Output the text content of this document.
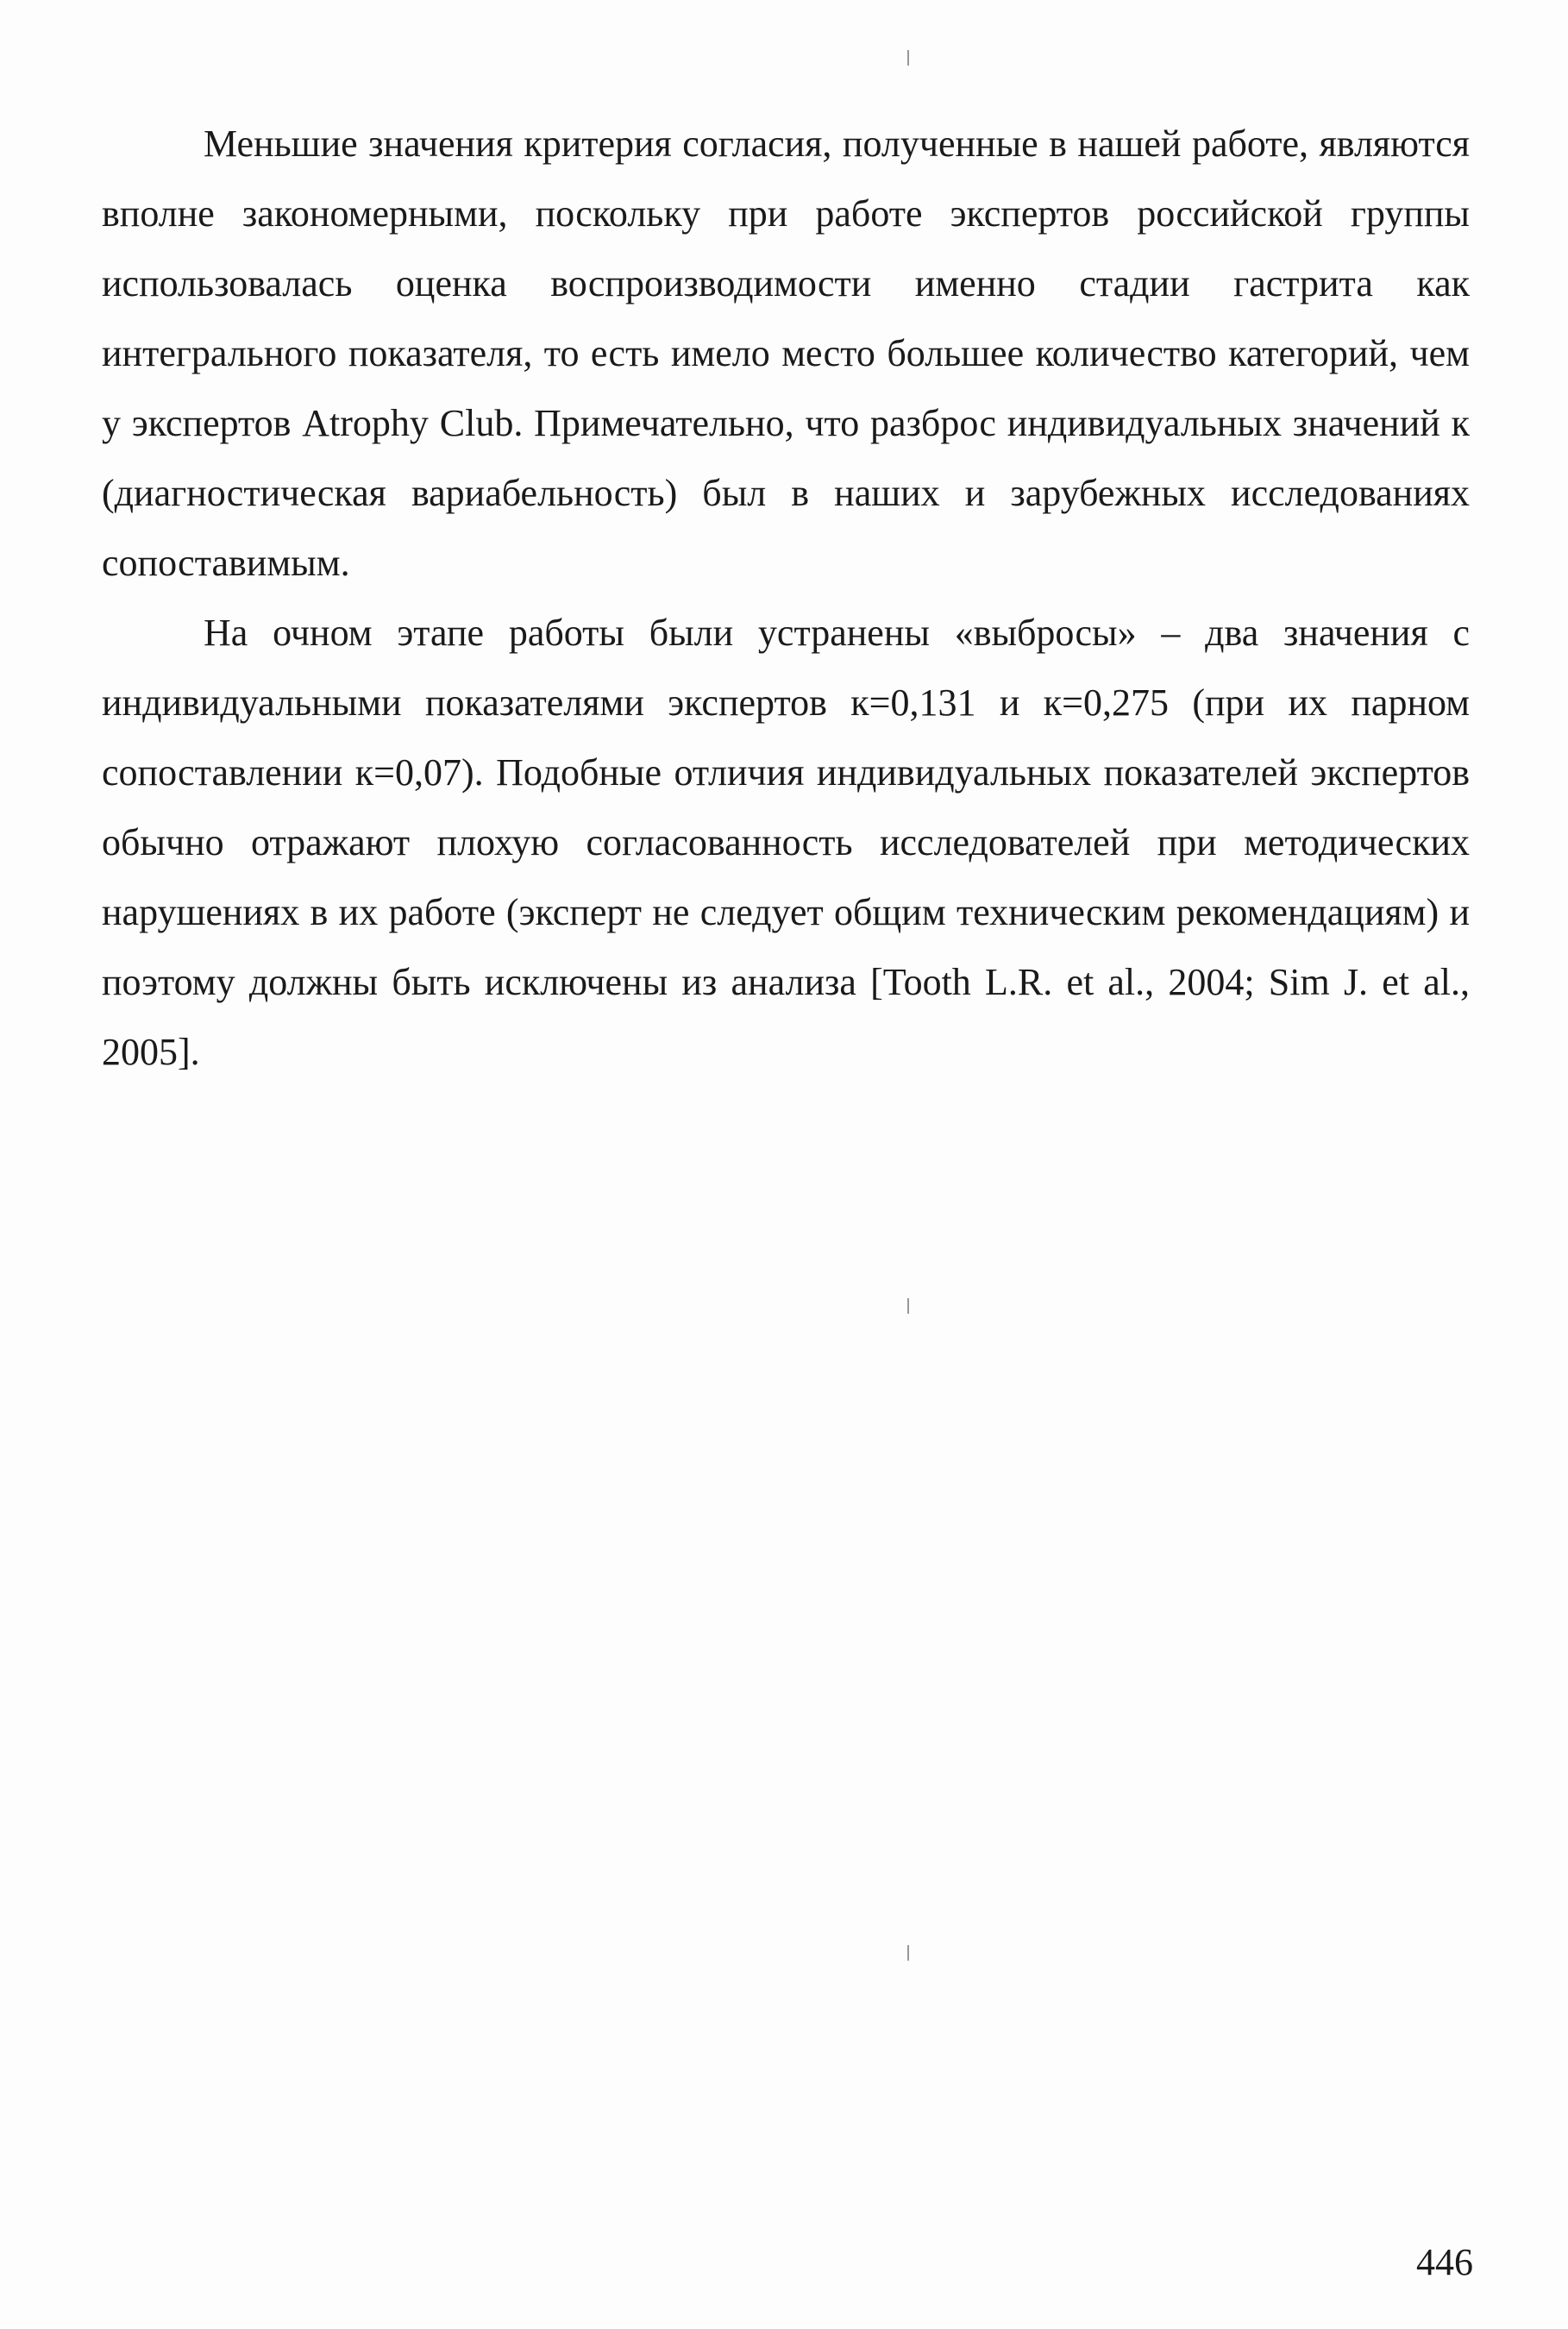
Меньшие значения критерия согласия, полученные в нашей работе, являются вполне закономерными, поскольку при работе экспертов российской группы использовалась оценка воспроизводимости именно стадии гастрита как интегрального показателя, то есть имело место большее количество категорий, чем у экспертов Atrophy Club. Примечательно, что разброс индивидуальных значений к (диагностическая вариабельность) был в наших и зарубежных исследованиях сопоставимым.

На очном этапе работы были устранены «выбросы» – два значения с индивидуальными показателями экспертов к=0,131 и к=0,275 (при их парном сопоставлении к=0,07). Подобные отличия индивидуальных показателей экспертов обычно отражают плохую согласованность исследователей при методических нарушениях в их работе (эксперт не следует общим техническим рекомендациям) и поэтому должны быть исключены из анализа [Tooth L.R. et al., 2004; Sim J. et al., 2005].

446
